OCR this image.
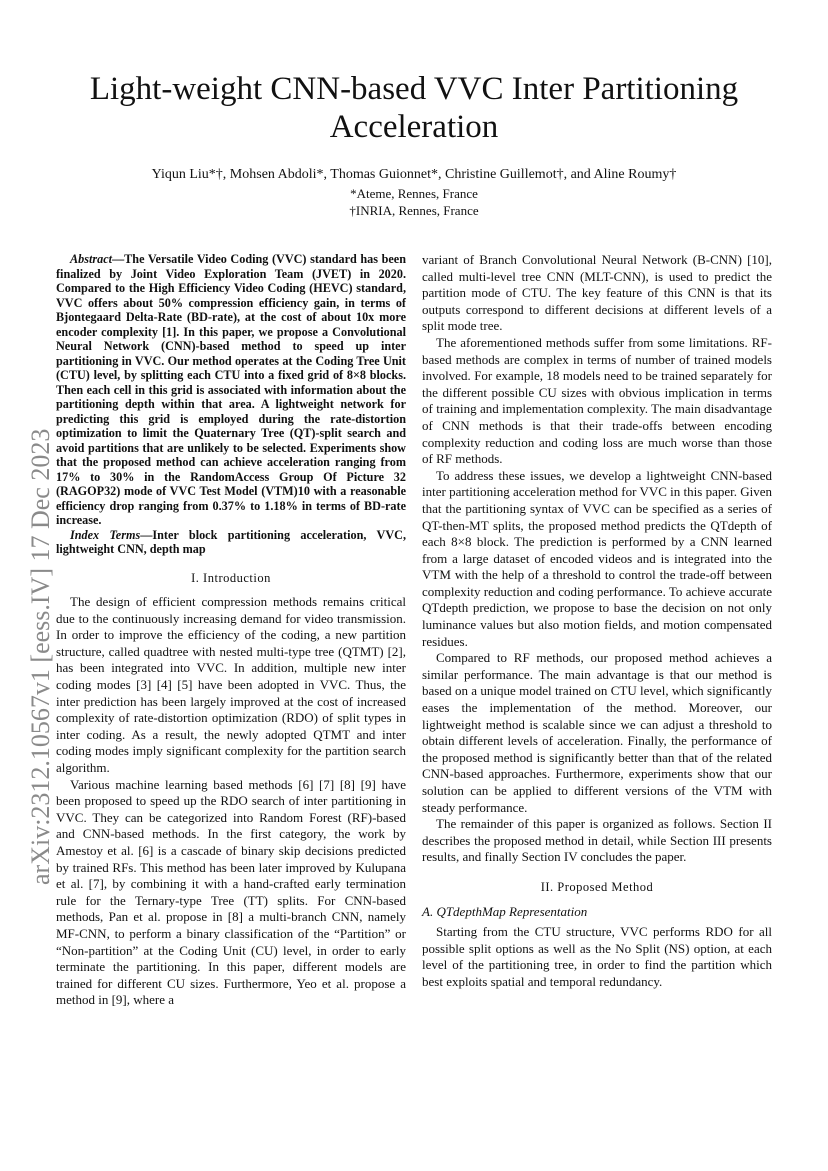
arXiv:2312.10567v1 [eess.IV] 17 Dec 2023
Light-weight CNN-based VVC Inter Partitioning Acceleration
Yiqun Liu*†, Mohsen Abdoli*, Thomas Guionnet*, Christine Guillemot†, and Aline Roumy†
*Ateme, Rennes, France
†INRIA, Rennes, France

Abstract—The Versatile Video Coding (VVC) standard has been finalized by Joint Video Exploration Team (JVET) in 2020. Compared to the High Efficiency Video Coding (HEVC) standard, VVC offers about 50% compression efficiency gain, in terms of Bjontegaard Delta-Rate (BD-rate), at the cost of about 10x more encoder complexity [1]. In this paper, we propose a Convolutional Neural Network (CNN)-based method to speed up inter partitioning in VVC. Our method operates at the Coding Tree Unit (CTU) level, by splitting each CTU into a fixed grid of 8×8 blocks. Then each cell in this grid is associated with information about the partitioning depth within that area. A lightweight network for predicting this grid is employed during the rate-distortion optimization to limit the Quaternary Tree (QT)-split search and avoid partitions that are unlikely to be selected. Experiments show that the proposed method can achieve acceleration ranging from 17% to 30% in the RandomAccess Group Of Picture 32 (RAGOP32) mode of VVC Test Model (VTM)10 with a reasonable efficiency drop ranging from 0.37% to 1.18% in terms of BD-rate increase.

Index Terms—Inter block partitioning acceleration, VVC, lightweight CNN, depth map

I. Introduction

The design of efficient compression methods remains critical due to the continuously increasing demand for video transmission. In order to improve the efficiency of the coding, a new partition structure, called quadtree with nested multi-type tree (QTMT) [2], has been integrated into VVC. In addition, multiple new inter coding modes [3] [4] [5] have been adopted in VVC. Thus, the inter prediction has been largely improved at the cost of increased complexity of rate-distortion optimization (RDO) of split types in inter coding. As a result, the newly adopted QTMT and inter coding modes imply significant complexity for the partition search algorithm.

Various machine learning based methods [6] [7] [8] [9] have been proposed to speed up the RDO search of inter partitioning in VVC. They can be categorized into Random Forest (RF)-based and CNN-based methods. In the first category, the work by Amestoy et al. [6] is a cascade of binary skip decisions predicted by trained RFs. This method has been later improved by Kulupana et al. [7], by combining it with a hand-crafted early termination rule for the Ternary-type Tree (TT) splits. For CNN-based methods, Pan et al. propose in [8] a multi-branch CNN, namely MF-CNN, to perform a binary classification of the “Partition” or “Non-partition” at the Coding Unit (CU) level, in order to early terminate the partitioning. In this paper, different models are trained for different CU sizes. Furthermore, Yeo et al. propose a method in [9], where a

variant of Branch Convolutional Neural Network (B-CNN) [10], called multi-level tree CNN (MLT-CNN), is used to predict the partition mode of CTU. The key feature of this CNN is that its outputs correspond to different decisions at different levels of a split mode tree.

The aforementioned methods suffer from some limitations. RF-based methods are complex in terms of number of trained models involved. For example, 18 models need to be trained separately for the different possible CU sizes with obvious implication in terms of training and implementation complexity. The main disadvantage of CNN methods is that their trade-offs between encoding complexity reduction and coding loss are much worse than those of RF methods.

To address these issues, we develop a lightweight CNN-based inter partitioning acceleration method for VVC in this paper. Given that the partitioning syntax of VVC can be specified as a series of QT-then-MT splits, the proposed method predicts the QTdepth of each 8×8 block. The prediction is performed by a CNN learned from a large dataset of encoded videos and is integrated into the VTM with the help of a threshold to control the trade-off between complexity reduction and coding performance. To achieve accurate QTdepth prediction, we propose to base the decision on not only luminance values but also motion fields, and motion compensated residues.

Compared to RF methods, our proposed method achieves a similar performance. The main advantage is that our method is based on a unique model trained on CTU level, which significantly eases the implementation of the method. Moreover, our lightweight method is scalable since we can adjust a threshold to obtain different levels of acceleration. Finally, the performance of the proposed method is significantly better than that of the related CNN-based approaches. Furthermore, experiments show that our solution can be applied to different versions of the VTM with steady performance.

The remainder of this paper is organized as follows. Section II describes the proposed method in detail, while Section III presents results, and finally Section IV concludes the paper.

II. Proposed Method
A. QTdepthMap Representation

Starting from the CTU structure, VVC performs RDO for all possible split options as well as the No Split (NS) option, at each level of the partitioning tree, in order to find the partition which best exploits spatial and temporal redundancy.
